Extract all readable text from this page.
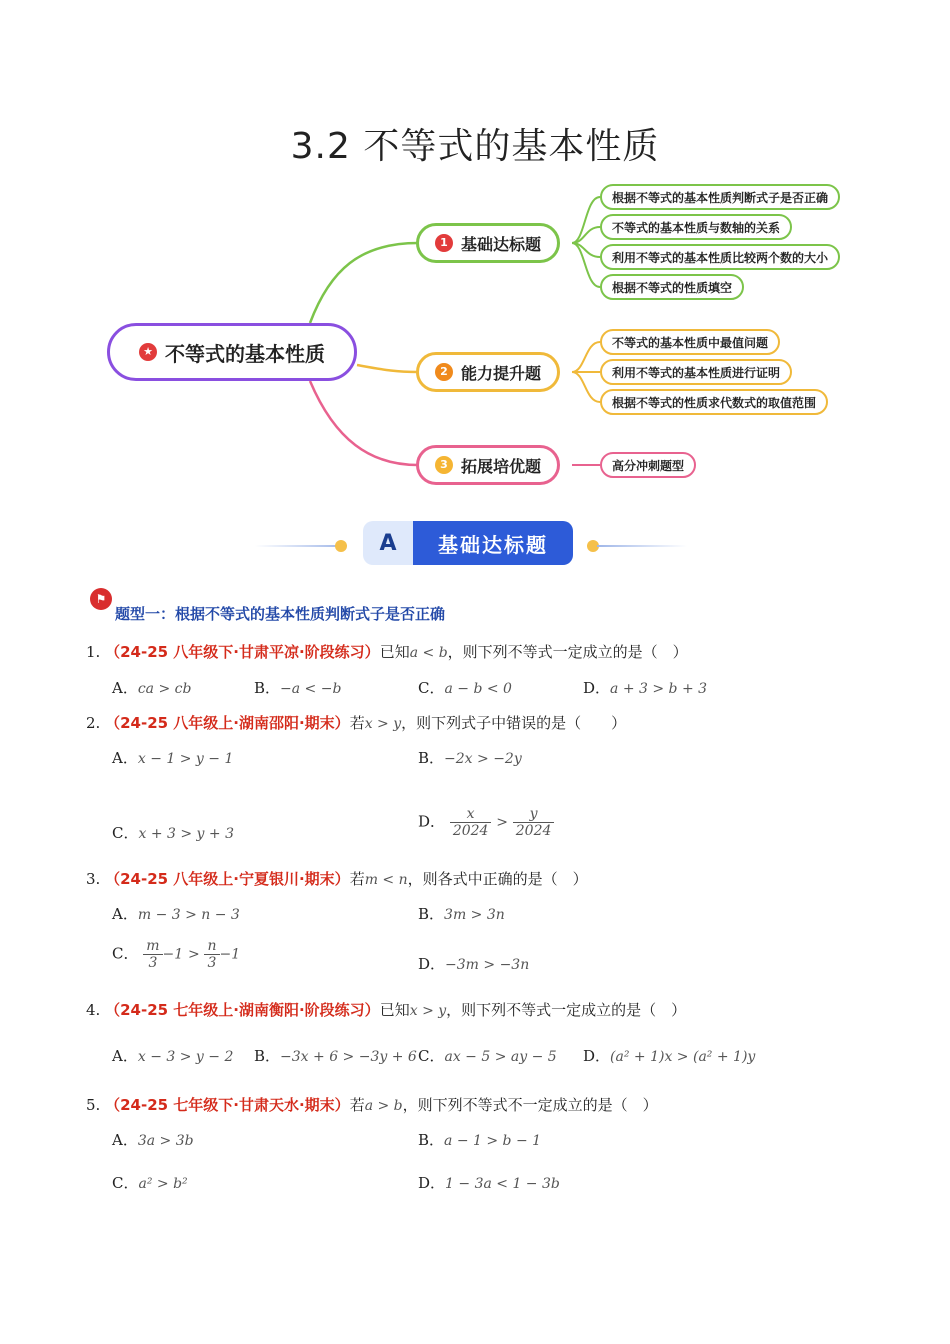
3.2 不等式的基本性质
★ 不等式的基本性质
1 基础达标题
2 能力提升题
3 拓展培优题
根据不等式的基本性质判断式子是否正确
不等式的基本性质与数轴的关系
利用不等式的基本性质比较两个数的大小
根据不等式的性质填空
不等式的基本性质中最值问题
利用不等式的基本性质进行证明
根据不等式的性质求代数式的取值范围
高分冲刺题型
A	基础达标题
⚑
题型一：根据不等式的基本性质判断式子是否正确
1. （24-25 八年级下·甘肃平凉·阶段练习）已知a < b，则下列不等式一定成立的是（　）
A．ca > cb	B．−a < −b	C．a − b < 0	D．a + 3 > b + 3
2. （24-25 八年级上·湖南邵阳·期末）若x > y，则下列式子中错误的是（　　）
A．x − 1 > y − 1	B．−2x > −2y
C．x + 3 > y + 3
D． $\frac{x}{2024} > \frac{y}{2024}$
3. （24-25 八年级上·宁夏银川·期末）若m < n，则各式中正确的是（　）
A．m − 3 > n − 3	B．3m > 3n
C． $\frac{m}{3} -1 > \frac{n}{3} -1$
D．−3m > −3n
4. （24-25 七年级上·湖南衡阳·阶段练习）已知x > y，则下列不等式一定成立的是（　）
A．x − 3 > y − 2 B．−3x + 6 > −3y + 6 C．ax − 5 > ay − 5 D．(a² + 1)x > (a² + 1)y
5. （24-25 七年级下·甘肃天水·期末）若a > b，则下列不等式不一定成立的是（　）
A．3a > 3b	B．a − 1 > b − 1
C．a² > b²	D．1 − 3a < 1 − 3b
